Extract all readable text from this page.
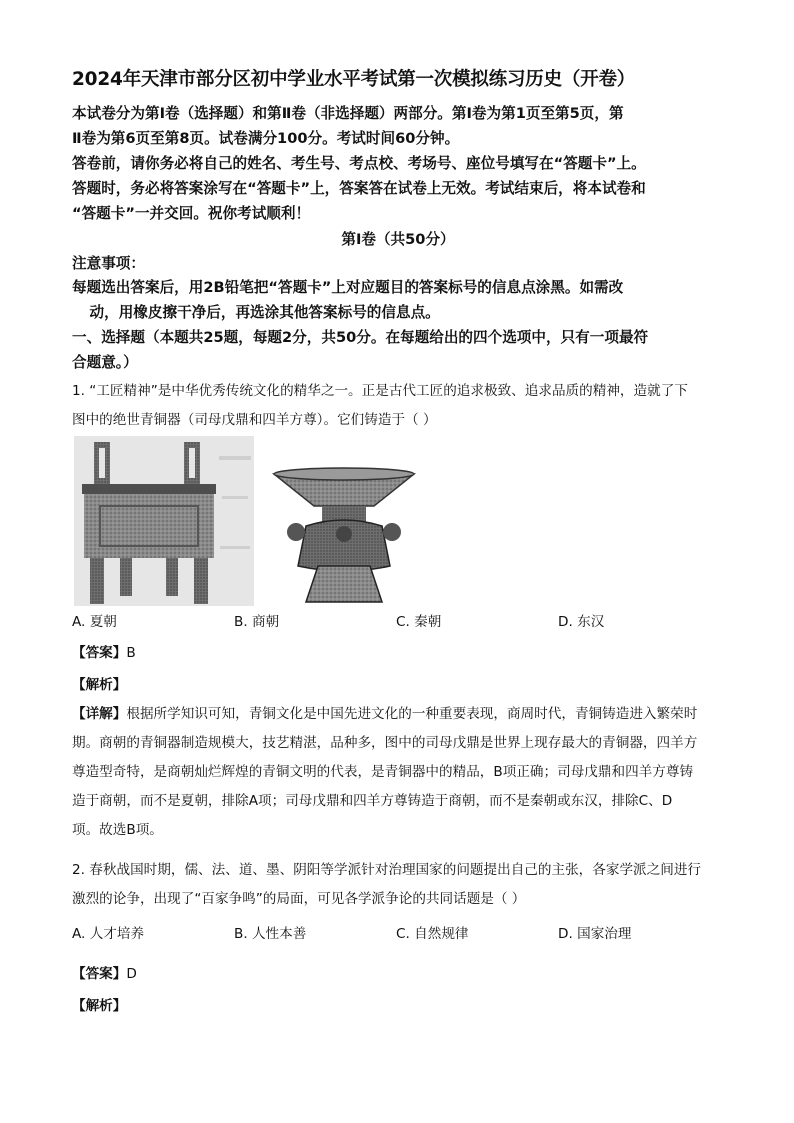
2024年天津市部分区初中学业水平考试第一次模拟练习历史（开卷）
本试卷分为第Ⅰ卷（选择题）和第Ⅱ卷（非选择题）两部分。第Ⅰ卷为第1页至第5页，第
Ⅱ卷为第6页至第8页。试卷满分100分。考试时间60分钟。
答卷前，请你务必将自己的姓名、考生号、考点校、考场号、座位号填写在“答题卡”上。
答题时，务必将答案涂写在“答题卡”上，答案答在试卷上无效。考试结束后，将本试卷和
“答题卡”一并交回。祝你考试顺利！
第Ⅰ卷（共50分）
注意事项：
每题选出答案后，用2B铅笔把“答题卡”上对应题目的答案标号的信息点涂黑。如需改
动，用橡皮擦干净后，再选涂其他答案标号的信息点。
一、选择题（本题共25题，每题2分，共50分。在每题给出的四个选项中，只有一项最符
合题意。）
1. “工匠精神”是中华优秀传统文化的精华之一。正是古代工匠的追求极致、追求品质的精神，造就了下
图中的绝世青铜器（司母戊鼎和四羊方尊）。它们铸造于（ ）
A. 夏朝	B. 商朝	C. 秦朝	D. 东汉
【答案】B
【解析】
【详解】根据所学知识可知，青铜文化是中国先进文化的一种重要表现，商周时代，青铜铸造进入繁荣时
期。商朝的青铜器制造规模大，技艺精湛，品种多，图中的司母戊鼎是世界上现存最大的青铜器，四羊方
尊造型奇特，是商朝灿烂辉煌的青铜文明的代表，是青铜器中的精品，B项正确；司母戊鼎和四羊方尊铸
造于商朝，而不是夏朝，排除A项；司母戊鼎和四羊方尊铸造于商朝，而不是秦朝或东汉，排除C、D
项。故选B项。
2. 春秋战国时期，儒、法、道、墨、阴阳等学派针对治理国家的问题提出自己的主张，各家学派之间进行
激烈的论争，出现了“百家争鸣”的局面，可见各学派争论的共同话题是（ ）
A. 人才培养	B. 人性本善	C. 自然规律	D. 国家治理
【答案】D
【解析】
